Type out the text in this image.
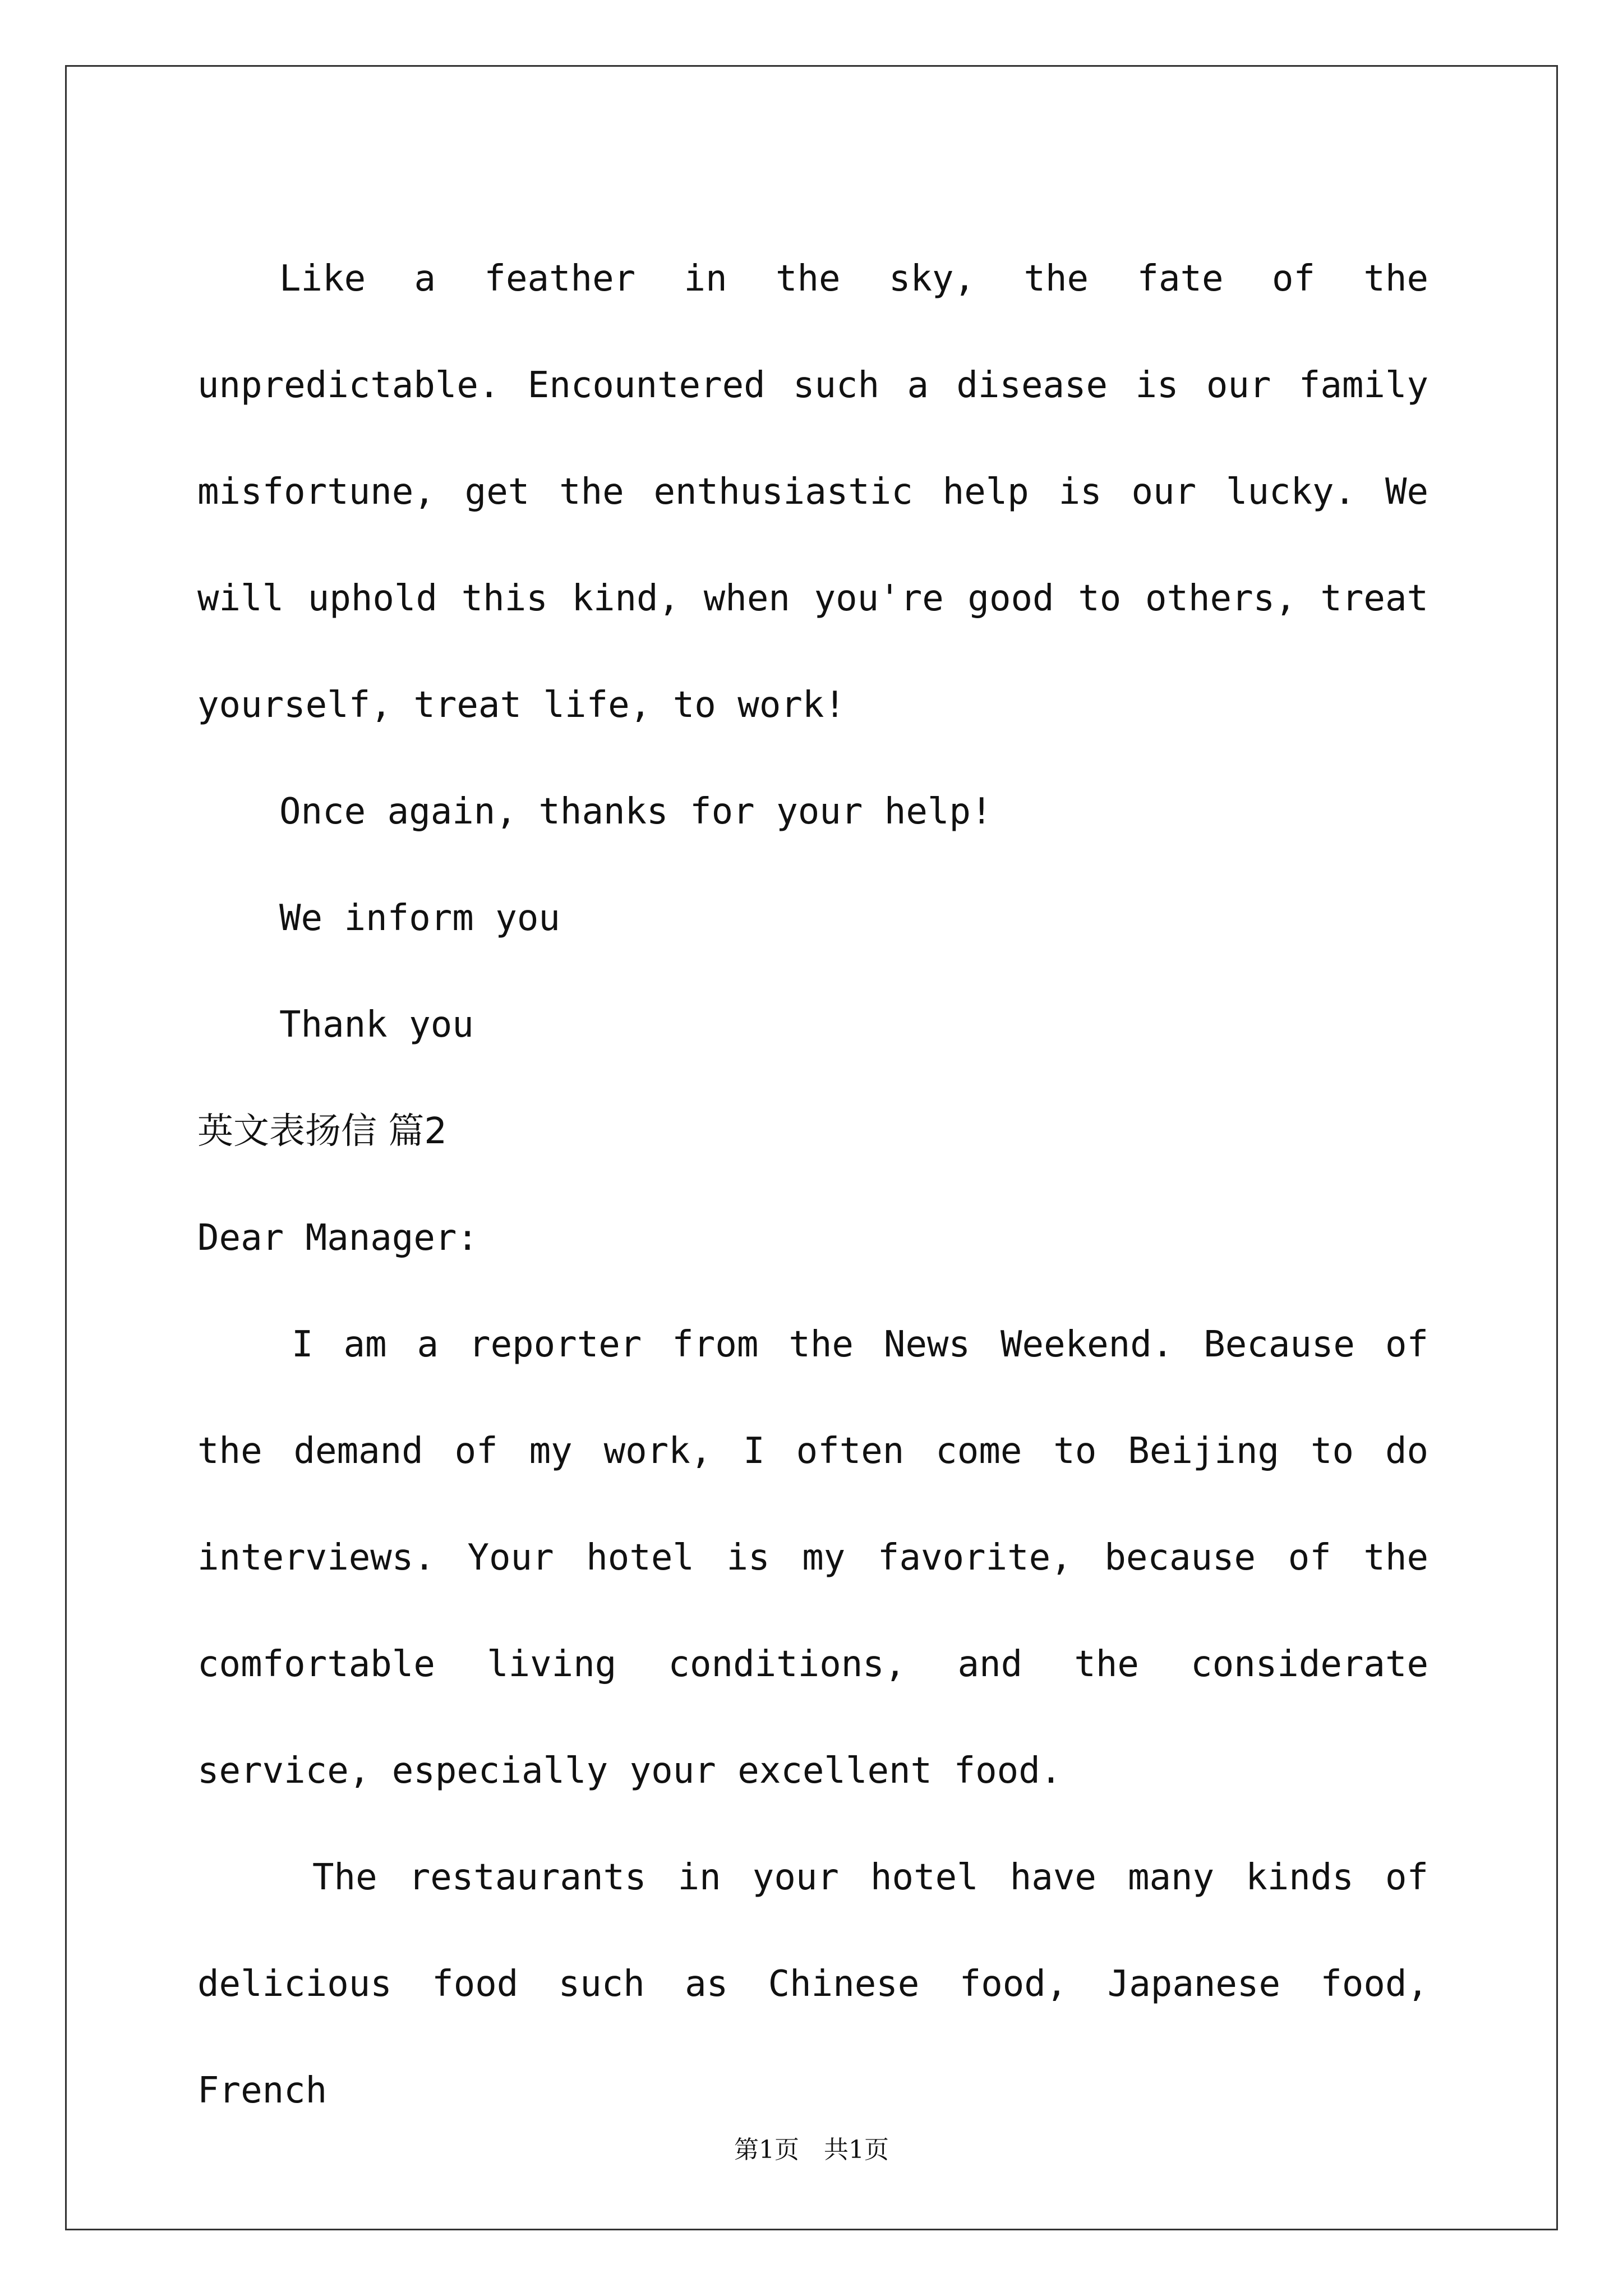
Like a feather in the sky, the fate of the unpredictable. Encountered such a disease is our family misfortune, get the enthusiastic help is our lucky. We will uphold this kind, when you're good to others, treat yourself, treat life, to work!

Once again, thanks for your help!

We inform you

Thank you

英文表扬信 篇2

Dear Manager:

I am a reporter from the News Weekend. Because of the demand of my work, I often come to Beijing to do interviews. Your hotel is my favorite, because of the comfortable living conditions, and the considerate service, especially your excellent food.

The restaurants in your hotel have many kinds of delicious food such as Chinese food, Japanese food, French

第1页　共1页
